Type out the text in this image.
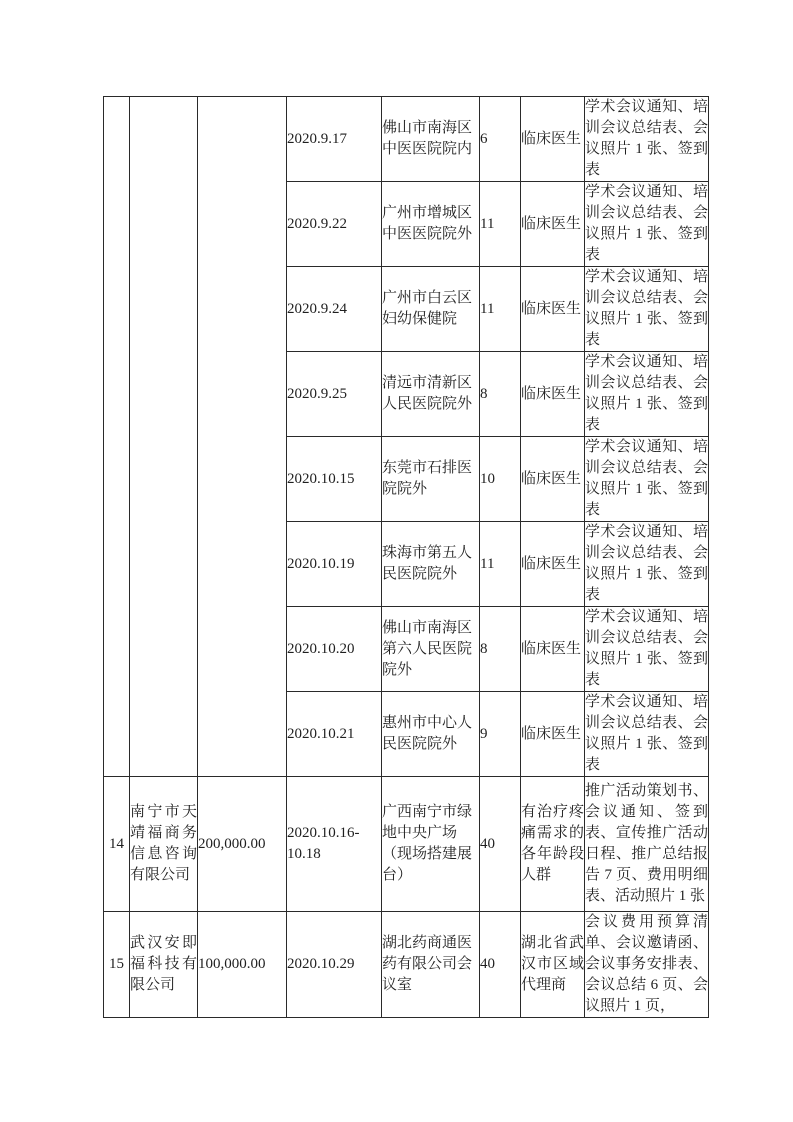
			2020.9.17	佛山市南海区中医医院院内	6	临床医生	学术会议通知、培训会议总结表、会议照片 1 张、签到表
			2020.9.22	广州市增城区中医医院院外	11	临床医生	学术会议通知、培训会议总结表、会议照片 1 张、签到表
			2020.9.24	广州市白云区妇幼保健院	11	临床医生	学术会议通知、培训会议总结表、会议照片 1 张、签到表
			2020.9.25	清远市清新区人民医院院外	8	临床医生	学术会议通知、培训会议总结表、会议照片 1 张、签到表
			2020.10.15	东莞市石排医院院外	10	临床医生	学术会议通知、培训会议总结表、会议照片 1 张、签到表
			2020.10.19	珠海市第五人民医院院外	11	临床医生	学术会议通知、培训会议总结表、会议照片 1 张、签到表
			2020.10.20	佛山市南海区第六人民医院院外	8	临床医生	学术会议通知、培训会议总结表、会议照片 1 张、签到表
			2020.10.21	惠州市中心人民医院院外	9	临床医生	学术会议通知、培训会议总结表、会议照片 1 张、签到表
14	南宁市天靖福商务信息咨询有限公司	200,000.00	2020.10.16-10.18	广西南宁市绿地中央广场（现场搭建展台）	40	有治疗疼痛需求的各年龄段人群	推广活动策划书、会议通知、签到表、宣传推广活动日程、推广总结报告 7 页、费用明细表、活动照片 1 张
15	武汉安即福科技有限公司	100,000.00	2020.10.29	湖北药商通医药有限公司会议室	40	湖北省武汉市区域代理商	会议费用预算清单、会议邀请函、会议事务安排表、会议总结 6 页、会议照片 1 页，
